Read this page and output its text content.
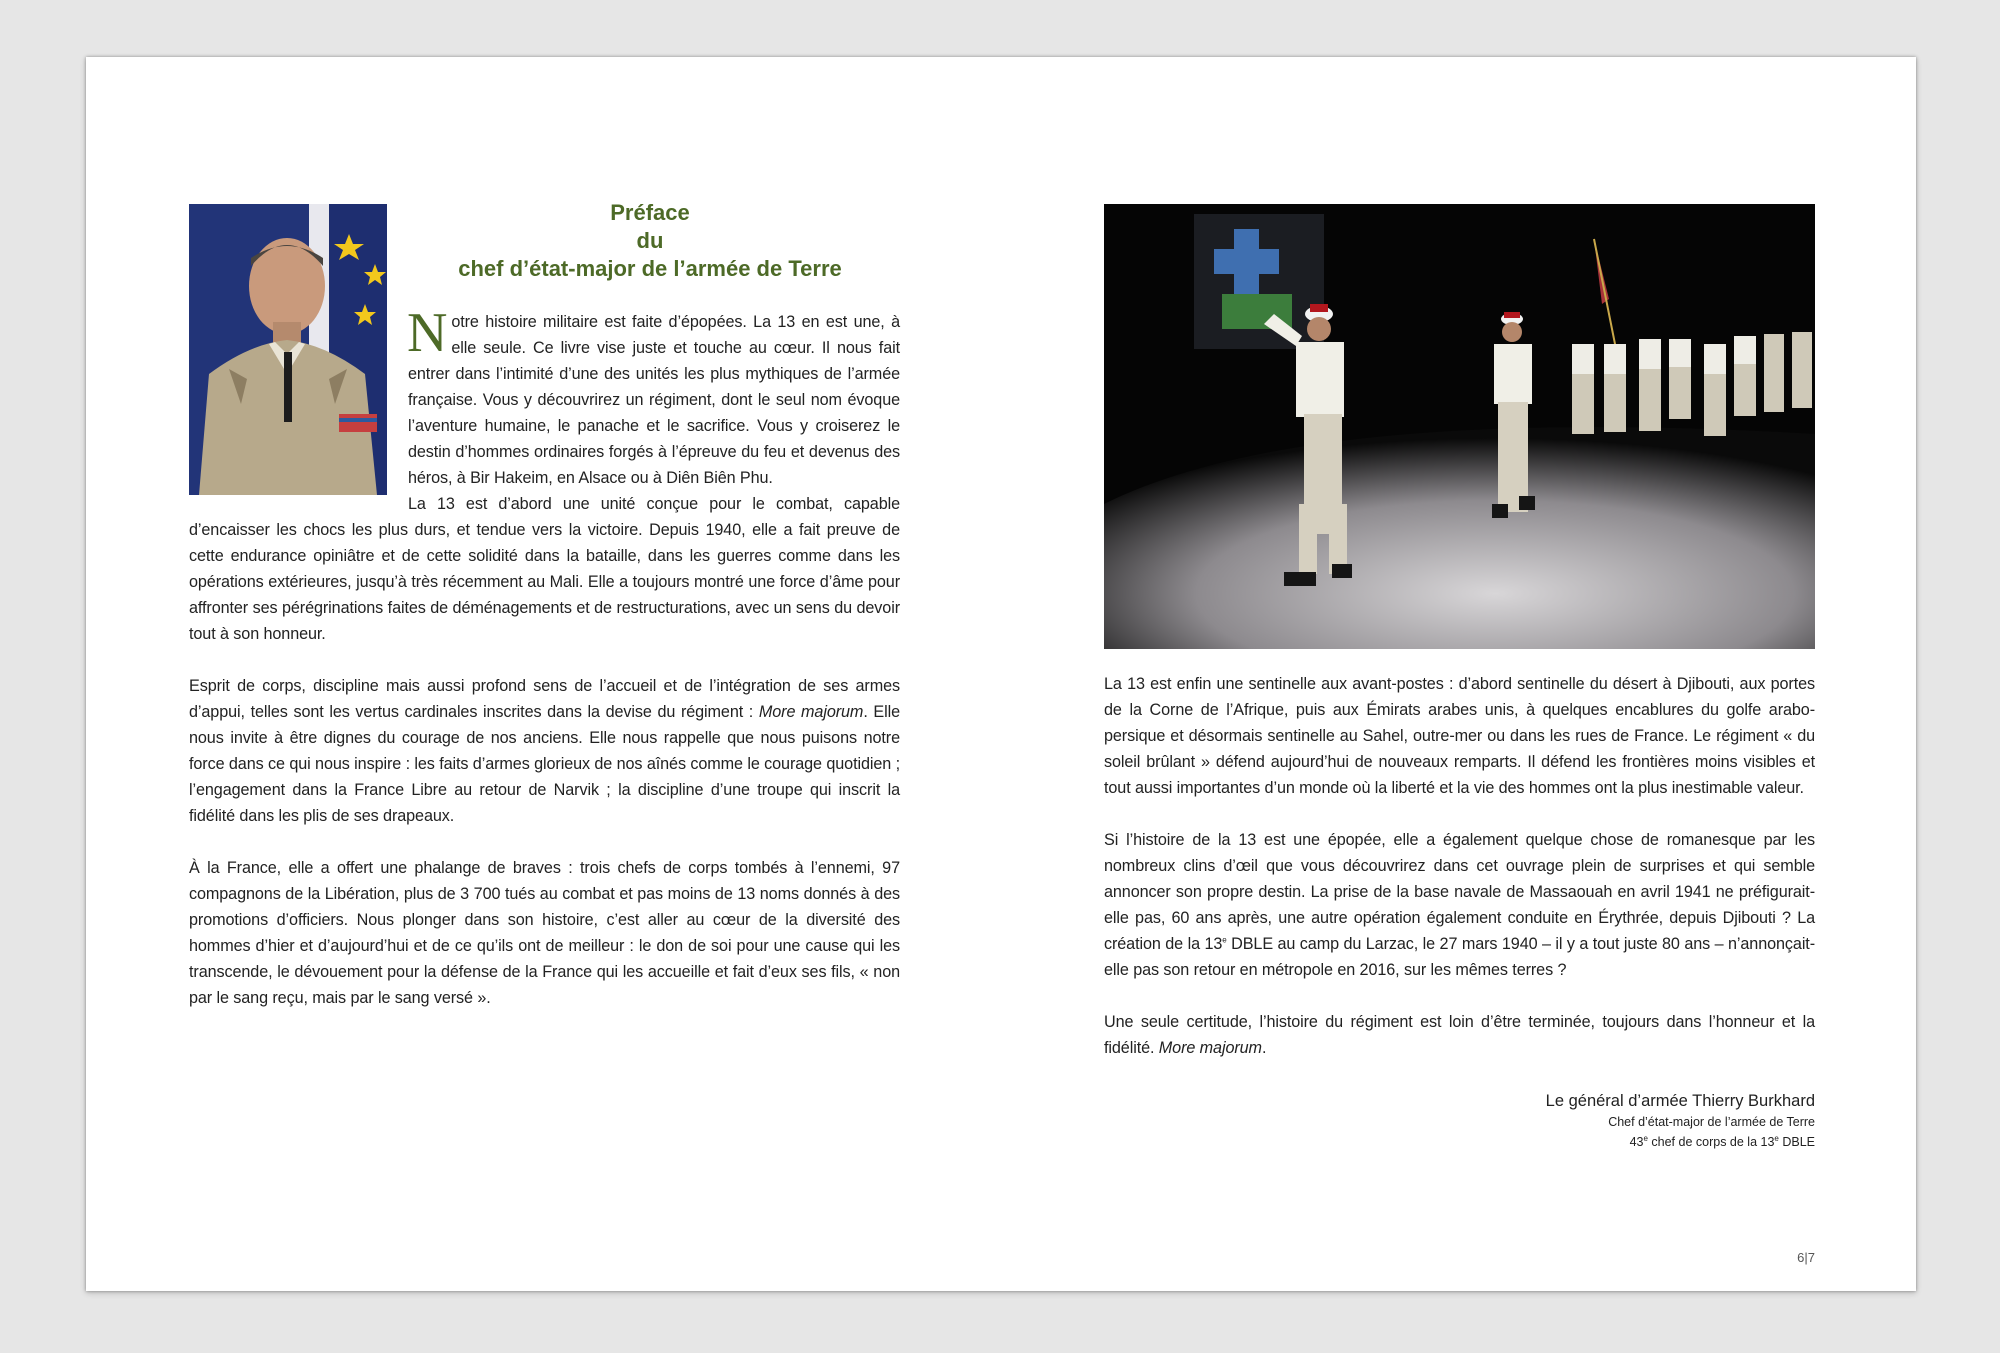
Préface
du
chef d’état-major de l’armée de Terre

Notre histoire militaire est faite d’épopées. La 13 en est une, à elle seule. Ce livre vise juste et touche au cœur. Il nous fait entrer dans l’intimité d’une des unités les plus mythiques de l’armée française. Vous y découvrirez un régiment, dont le seul nom évoque l’aventure humaine, le panache et le sacrifice. Vous y croiserez le destin d’hommes ordinaires forgés à l’épreuve du feu et devenus des héros, à Bir Hakeim, en Alsace ou à Diên Biên Phu.

La 13 est d’abord une unité conçue pour le combat, capable d’encaisser les chocs les plus durs, et tendue vers la victoire. Depuis 1940, elle a fait preuve de cette endurance opiniâtre et de cette solidité dans la bataille, dans les guerres comme dans les opérations extérieures, jusqu’à très récemment au Mali. Elle a toujours montré une force d’âme pour affronter ses pérégrinations faites de déménagements et de restructurations, avec un sens du devoir tout à son honneur.

Esprit de corps, discipline mais aussi profond sens de l’accueil et de l’intégration de ses armes d’appui, telles sont les vertus cardinales inscrites dans la devise du régiment : More majorum. Elle nous invite à être dignes du courage de nos anciens. Elle nous rappelle que nous puisons notre force dans ce qui nous inspire : les faits d’armes glorieux de nos aînés comme le courage quotidien ; l’engagement dans la France Libre au retour de Narvik ; la discipline d’une troupe qui inscrit la fidélité dans les plis de ses drapeaux.

À la France, elle a offert une phalange de braves : trois chefs de corps tombés à l’ennemi, 97 compagnons de la Libération, plus de 3 700 tués au combat et pas moins de 13 noms donnés à des promotions d’officiers. Nous plonger dans son histoire, c’est aller au cœur de la diversité des hommes d’hier et d’aujourd’hui et de ce qu’ils ont de meilleur : le don de soi pour une cause qui les transcende, le dévouement pour la défense de la France qui les accueille et fait d’eux ses fils, « non par le sang reçu, mais par le sang versé ».

La 13 est enfin une sentinelle aux avant-postes : d’abord sentinelle du désert à Djibouti, aux portes de la Corne de l’Afrique, puis aux Émirats arabes unis, à quelques encablures du golfe arabo-persique et désormais sentinelle au Sahel, outre-mer ou dans les rues de France. Le régiment « du soleil brûlant » défend aujourd’hui de nouveaux remparts. Il défend les frontières moins visibles et tout aussi importantes d’un monde où la liberté et la vie des hommes ont la plus inestimable valeur.

Si l’histoire de la 13 est une épopée, elle a également quelque chose de romanesque par les nombreux clins d’œil que vous découvrirez dans cet ouvrage plein de surprises et qui semble annoncer son propre destin. La prise de la base navale de Massaouah en avril 1941 ne préfigurait-elle pas, 60 ans après, une autre opération également conduite en Érythrée, depuis Djibouti ? La création de la 13e DBLE au camp du Larzac, le 27 mars 1940 – il y a tout juste 80 ans – n’annonçait-elle pas son retour en métropole en 2016, sur les mêmes terres ?

Une seule certitude, l’histoire du régiment est loin d’être terminée, toujours dans l’honneur et la fidélité. More majorum.

Le général d’armée Thierry Burkhard
Chef d’état-major de l’armée de Terre
43e chef de corps de la 13e DBLE
6|7
